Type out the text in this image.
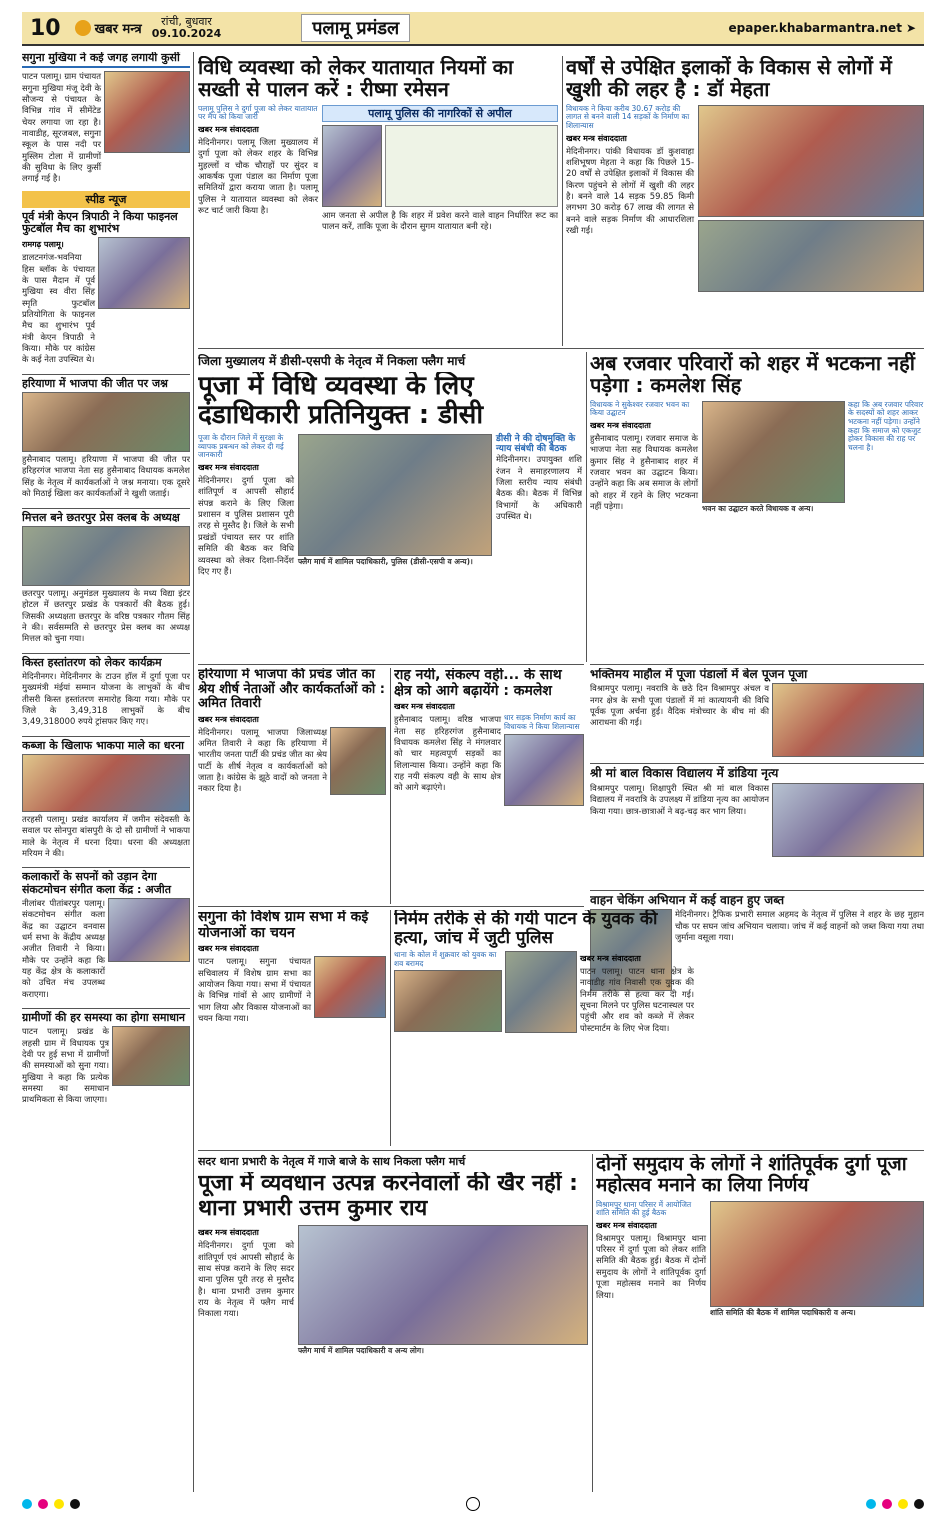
10	खबर मन्त्र
रांची, बुधवार
09.10.2024	पलामू प्रमंडल	epaper.khabarmantra.net ➤
सगुना मुखिया ने कई जगह लगायी कुर्सी
पाटन पलामू। ग्राम पंचायत सगुना मुखिया मंजू देवी के सौजन्य से पंचायत के विभिन्न गांव में सीमेंटेड चेयर लगाया जा रहा है। नावाडीह, सूरजबल, सगुना स्कूल के पास नदी पर मुस्लिम टोला में ग्रामीणों की सुविधा के लिए कुर्सी लगाई गई है।
स्पीड न्यूज
पूर्व मंत्री केएन त्रिपाठी ने किया फाइनल फुटबॉल मैच का शुभारंभ
रामगढ़ पलामू।
डालटनगंज-भवनिया हिस ब्लॉक के पंचायत के पास मैदान में पूर्व मुखिया स्व वीरा सिंह स्मृति फुटबॉल प्रतियोगिता के फाइनल मैच का शुभारंभ पूर्व मंत्री केएन त्रिपाठी ने किया। मौके पर कांग्रेस के कई नेता उपस्थित थे।
हरियाणा में भाजपा की जीत पर जश्न
हुसैनाबाद पलामू। हरियाणा में भाजपा की जीत पर हरिहरगंज भाजपा नेता सह हुसैनाबाद विधायक कमलेश सिंह के नेतृत्व में कार्यकर्ताओं ने जश्न मनाया। एक दूसरे को मिठाई खिला कर कार्यकर्ताओं ने खुशी जताई।
मित्तल बने छतरपुर प्रेस क्लब के अध्यक्ष
छतरपुर पलामू। अनुमंडल मुख्यालय के मध्य विद्या इंटर होटल में छतरपुर प्रखंड के पत्रकारों की बैठक हुई। जिसकी अध्यक्षता छतरपुर के वरिष्ठ पत्रकार गौतम सिंह ने की। सर्वसम्मति से छतरपुर प्रेस क्लब का अध्यक्ष मित्तल को चुना गया।
किस्त हस्तांतरण को लेकर कार्यक्रम
मेदिनीनगर। मेदिनीनगर के टाउन हॉल में दुर्गा पूजा पर मुख्यमंत्री मंईयां सम्मान योजना के लाभुकों के बीच तीसरी किस्त हस्तांतरण समारोह किया गया। मौके पर जिले के 3,49,318 लाभुकों के बीच 3,49,318000 रुपये ट्रांसफर किए गए।
कब्जा के खिलाफ भाकपा माले का धरना
तरहसी पलामू। प्रखंड कार्यालय में जमीन संदेवस्ती के सवाल पर सोनपुरा बांसपुरी के दो सौ ग्रामीणों ने भाकपा माले के नेतृत्व में धरना दिया। धरना की अध्यक्षता मरियम ने की।
कलाकारों के सपनों को उड़ान देगा संकटमोचन संगीत कला केंद्र : अजीत
नीलांबर पीतांबरपुर पलामू। संकटमोचन संगीत कला केंद्र का उद्घाटन वनवास धर्म सभा के केंद्रीय अध्यक्ष अजीत तिवारी ने किया। मौके पर उन्होंने कहा कि यह केंद्र क्षेत्र के कलाकारों को उचित मंच उपलब्ध कराएगा।
ग्रामीणों की हर समस्या का होगा समाधान
पाटन पलामू। प्रखंड के लहसी ग्राम में विधायक पुत्र देवी पर हुई सभा में ग्रामीणों की समस्याओं को सुना गया। मुखिया ने कहा कि प्रत्येक समस्या का समाधान प्राथमिकता से किया जाएगा।
विधि व्यवस्था को लेकर यातायात नियमों का सख्ती से पालन करें : रीष्मा रमेसन
पलामू पुलिस ने दुर्गा पूजा को लेकर यातायात पर मैप को किया जारी
खबर मन्त्र संवाददाता
मेदिनीनगर। पलामू जिला मुख्यालय में दुर्गा पूजा को लेकर शहर के विभिन्न मुहल्लों व चौक चौराहों पर सुंदर व आकर्षक पूजा पंडाल का निर्माण पूजा समितियों द्वारा कराया जाता है। पलामू पुलिस ने यातायात व्यवस्था को लेकर रूट चार्ट जारी किया है।
पलामू पुलिस की नागरिकों से अपील
आम जनता से अपील है कि शहर में प्रवेश करने वाले वाहन निर्धारित रूट का पालन करें, ताकि पूजा के दौरान सुगम यातायात बनी रहे।
वर्षों से उपेक्षित इलाकों के विकास से लोगों में खुशी की लहर है : डॉ मेहता
विधायक ने किया करीब 30.67 करोड़ की लागत से बनने वाली 14 सड़कों के निर्माण का शिलान्यास
खबर मन्त्र संवाददाता
मेदिनीनगर। पांकी विधायक डॉ कुशवाहा शशिभूषण मेहता ने कहा कि पिछले 15-20 वर्षों से उपेक्षित इलाकों में विकास की किरण पहुंचने से लोगों में खुशी की लहर है। बनने वाले 14 सड़क 59.85 किमी लगभग 30 करोड़ 67 लाख की लागत से बनने वाले सड़क निर्माण की आधारशिला रखी गई।
जिला मुख्यालय में डीसी-एसपी के नेतृत्व में निकला फ्लैग मार्च
पूजा में विधि व्यवस्था के लिए दंडाधिकारी प्रतिनियुक्त : डीसी
पूजा के दौरान जिले में सुरक्षा के व्यापक प्रबन्धन को लेकर दी गई जानकारी
खबर मन्त्र संवाददाता
मेदिनीनगर। दुर्गा पूजा को शांतिपूर्ण व आपसी सौहार्द संपन्न कराने के लिए जिला प्रशासन व पुलिस प्रशासन पूरी तरह से मुस्तैद है। जिले के सभी प्रखंडों पंचायत स्तर पर शांति समिति की बैठक कर विधि व्यवस्था को लेकर दिशा-निर्देश दिए गए हैं।
फ्लैग मार्च में शामिल पदाधिकारी, पुलिस (डीसी-एसपी व अन्य)।
डीसी ने की दोषमुक्ति के न्याय संबंधी की बैठक
मेदिनीनगर। उपायुक्त शशि रंजन ने समाहरणालय में जिला स्तरीय न्याय संबंधी बैठक की। बैठक में विभिन्न विभागों के अधिकारी उपस्थित थे।
अब रजवार परिवारों को शहर में भटकना नहीं पड़ेगा : कमलेश सिंह
विधायक ने सुकेश्वर रजवार भवन का किया उद्घाटन
खबर मन्त्र संवाददाता
हुसैनाबाद पलामू। रजवार समाज के भाजपा नेता सह विधायक कमलेश कुमार सिंह ने हुसैनाबाद शहर में रजवार भवन का उद्घाटन किया। उन्होंने कहा कि अब समाज के लोगों को शहर में रहने के लिए भटकना नहीं पड़ेगा।
कहा कि अब रजवार परिवार के सदस्यों को शहर आकर भटकना नहीं पड़ेगा। उन्होंने कहा कि समाज को एकजुट होकर विकास की राह पर चलना है।
भवन का उद्घाटन करते विधायक व अन्य।
भक्तिमय माहौल में पूजा पंडालों में बेल पूजन पूजा
विश्रामपुर पलामू। नवरात्रि के छठे दिन विश्रामपुर अंचल व नगर क्षेत्र के सभी पूजा पंडालों में मां कात्यायनी की विधि पूर्वक पूजा अर्चना हुई। वैदिक मंत्रोच्चार के बीच मां की आराधना की गई।
श्री मां बाल विकास विद्यालय में डांडिया नृत्य
विश्रामपुर पलामू। शिक्षापुरी स्थित श्री मां बाल विकास विद्यालय में नवरात्रि के उपलक्ष्य में डांडिया नृत्य का आयोजन किया गया। छात्र-छात्राओं ने बढ़-चढ़ कर भाग लिया।
वाहन चेकिंग अभियान में कई वाहन हुए जब्त
मेदिनीनगर। ट्रैफिक प्रभारी समाल अहमद के नेतृत्व में पुलिस ने शहर के छह मुहान चौक पर सघन जांच अभियान चलाया। जांच में कई वाहनों को जब्त किया गया तथा जुर्माना वसूला गया।
हरियाणा में भाजपा की प्रचंड जीत का श्रेय शीर्ष नेताओं और कार्यकर्ताओं को : अमित तिवारी
खबर मन्त्र संवाददाता
मेदिनीनगर। पलामू भाजपा जिलाध्यक्ष अमित तिवारी ने कहा कि हरियाणा में भारतीय जनता पार्टी की प्रचंड जीत का श्रेय पार्टी के शीर्ष नेतृत्व व कार्यकर्ताओं को जाता है। कांग्रेस के झूठे वादों को जनता ने नकार दिया है।
राह नयी, संकल्प वही... के साथ क्षेत्र को आगे बढ़ायेंगे : कमलेश
खबर मन्त्र संवाददाता
हुसैनाबाद पलामू। वरिष्ठ भाजपा नेता सह हरिहरगंज हुसैनाबाद विधायक कमलेश सिंह ने मंगलवार को चार महत्वपूर्ण सड़कों का शिलान्यास किया। उन्होंने कहा कि राह नयी संकल्प वही के साथ क्षेत्र को आगे बढ़ाएंगे।
धार सड़क निर्माण कार्य का विधायक ने किया शिलान्यास
सगुना की विशेष ग्राम सभा में कई योजनाओं का चयन
खबर मन्त्र संवाददाता
पाटन पलामू। सगुना पंचायत सचिवालय में विशेष ग्राम सभा का आयोजन किया गया। सभा में पंचायत के विभिन्न गांवों से आए ग्रामीणों ने भाग लिया और विकास योजनाओं का चयन किया गया।
निर्मम तरीके से की गयी पाटन के युवक की हत्या, जांच में जुटी पुलिस
थाना के कोल में शुक्रवार को युवक का शव बरामद
खबर मन्त्र संवाददाता
पाटन पलामू। पाटन थाना क्षेत्र के नावाडीह गांव निवासी एक युवक की निर्मम तरीके से हत्या कर दी गई। सूचना मिलने पर पुलिस घटनास्थल पर पहुंची और शव को कब्जे में लेकर पोस्टमार्टम के लिए भेज दिया।
सदर थाना प्रभारी के नेतृत्व में गाजे बाजे के साथ निकला फ्लैग मार्च
पूजा में व्यवधान उत्पन्न करनेवालों की खैर नहीं : थाना प्रभारी उत्तम कुमार राय
खबर मन्त्र संवाददाता
मेदिनीनगर। दुर्गा पूजा को शांतिपूर्ण एवं आपसी सौहार्द के साथ संपन्न कराने के लिए सदर थाना पुलिस पूरी तरह से मुस्तैद है। थाना प्रभारी उत्तम कुमार राय के नेतृत्व में फ्लैग मार्च निकाला गया।
फ्लैग मार्च में शामिल पदाधिकारी व अन्य लोग।
दोनों समुदाय के लोगों ने शांतिपूर्वक दुर्गा पूजा महोत्सव मनाने का लिया निर्णय
विश्रामपुर थाना परिसर में आयोजित शांति समिति की हुई बैठक
खबर मन्त्र संवाददाता
विश्रामपुर पलामू। विश्रामपुर थाना परिसर में दुर्गा पूजा को लेकर शांति समिति की बैठक हुई। बैठक में दोनों समुदाय के लोगों ने शांतिपूर्वक दुर्गा पूजा महोत्सव मनाने का निर्णय लिया।
शांति समिति की बैठक में शामिल पदाधिकारी व अन्य।
